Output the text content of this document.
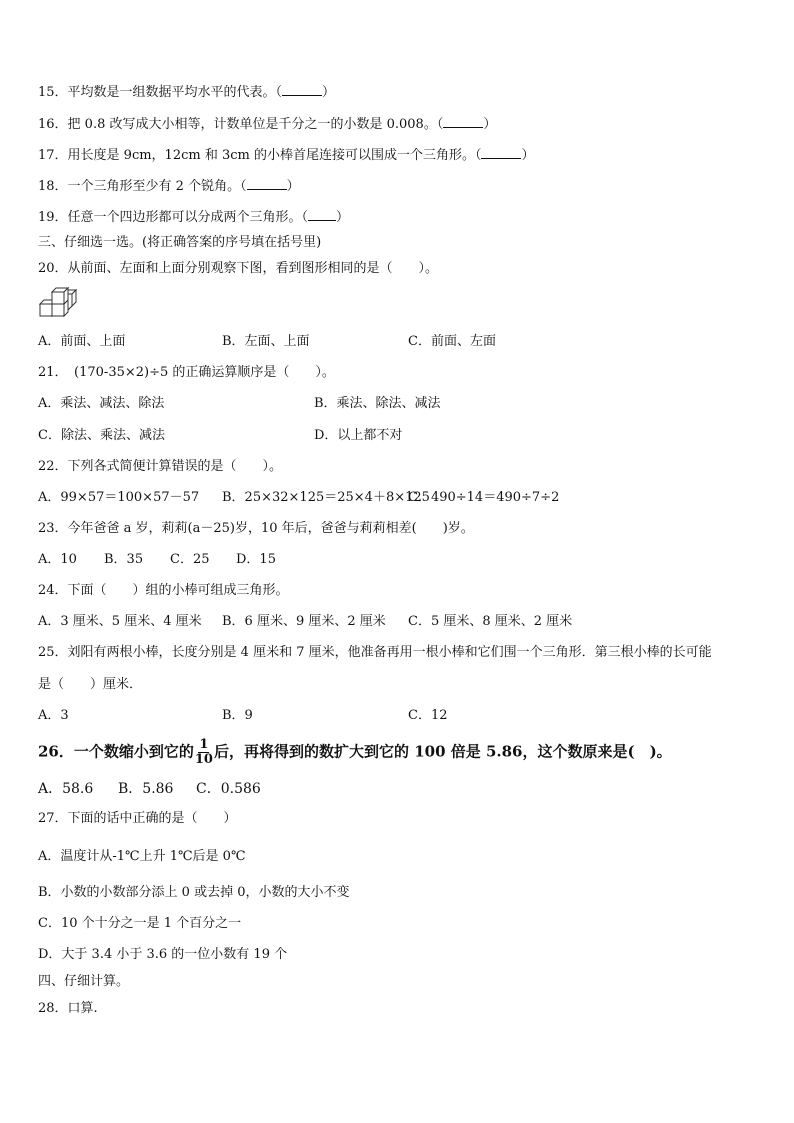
15．平均数是一组数据平均水平的代表。（	）
16．把 0.8 改写成大小相等，计数单位是千分之一的小数是 0.008。（	）
17．用长度是 9cm，12cm 和 3cm 的小棒首尾连接可以围成一个三角形。（	）
18．一个三角形至少有 2 个锐角。（	）
19．任意一个四边形都可以分成两个三角形。（ ）
三、仔细选一选。(将正确答案的序号填在括号里)
20．从前面、左面和上面分别观察下图，看到图形相同的是（　　）。
A．前面、上面	B．左面、上面	C．前面、左面
21．　(170-35×2)÷5 的正确运算顺序是（　　）。
A．乘法、减法、除法	B．乘法、除法、减法
C．除法、乘法、减法	D．以上都不对
22．下列各式简便计算错误的是（　　）。
A．99×57＝100×57－57 B．25×32×125＝25×4＋8×125
C．490÷14＝490÷7÷2
23．今年爸爸 a 岁，莉莉(a－25)岁，10 年后，爸爸与莉莉相差(　　)岁。
A．10 B．35 C．25 D．15
24．下面（　　）组的小棒可组成三角形。
A．3 厘米、5 厘米、4 厘米 B．6 厘米、9 厘米、2 厘米 C．5 厘米、8 厘米、2 厘米
25．刘阳有两根小棒，长度分别是 4 厘米和 7 厘米，他准备再用一根小棒和它们围一个三角形．第三根小棒的长可能
是（　　）厘米．
A．3	B．9	C．12
26．一个数缩小到它的 $\frac{1}{10}$ 后，再将得到的数扩大到它的 100 倍是 5.86，这个数原来是(　)。
A．58.6 B．5.86 C．0.586
27．下面的话中正确的是（　　）
A．温度计从-1℃上升 1℃后是 0℃
B．小数的小数部分添上 0 或去掉 0，小数的大小不变
C．10 个十分之一是 1 个百分之一
D．大于 3.4 小于 3.6 的一位小数有 19 个
四、仔细计算。
28．口算.
